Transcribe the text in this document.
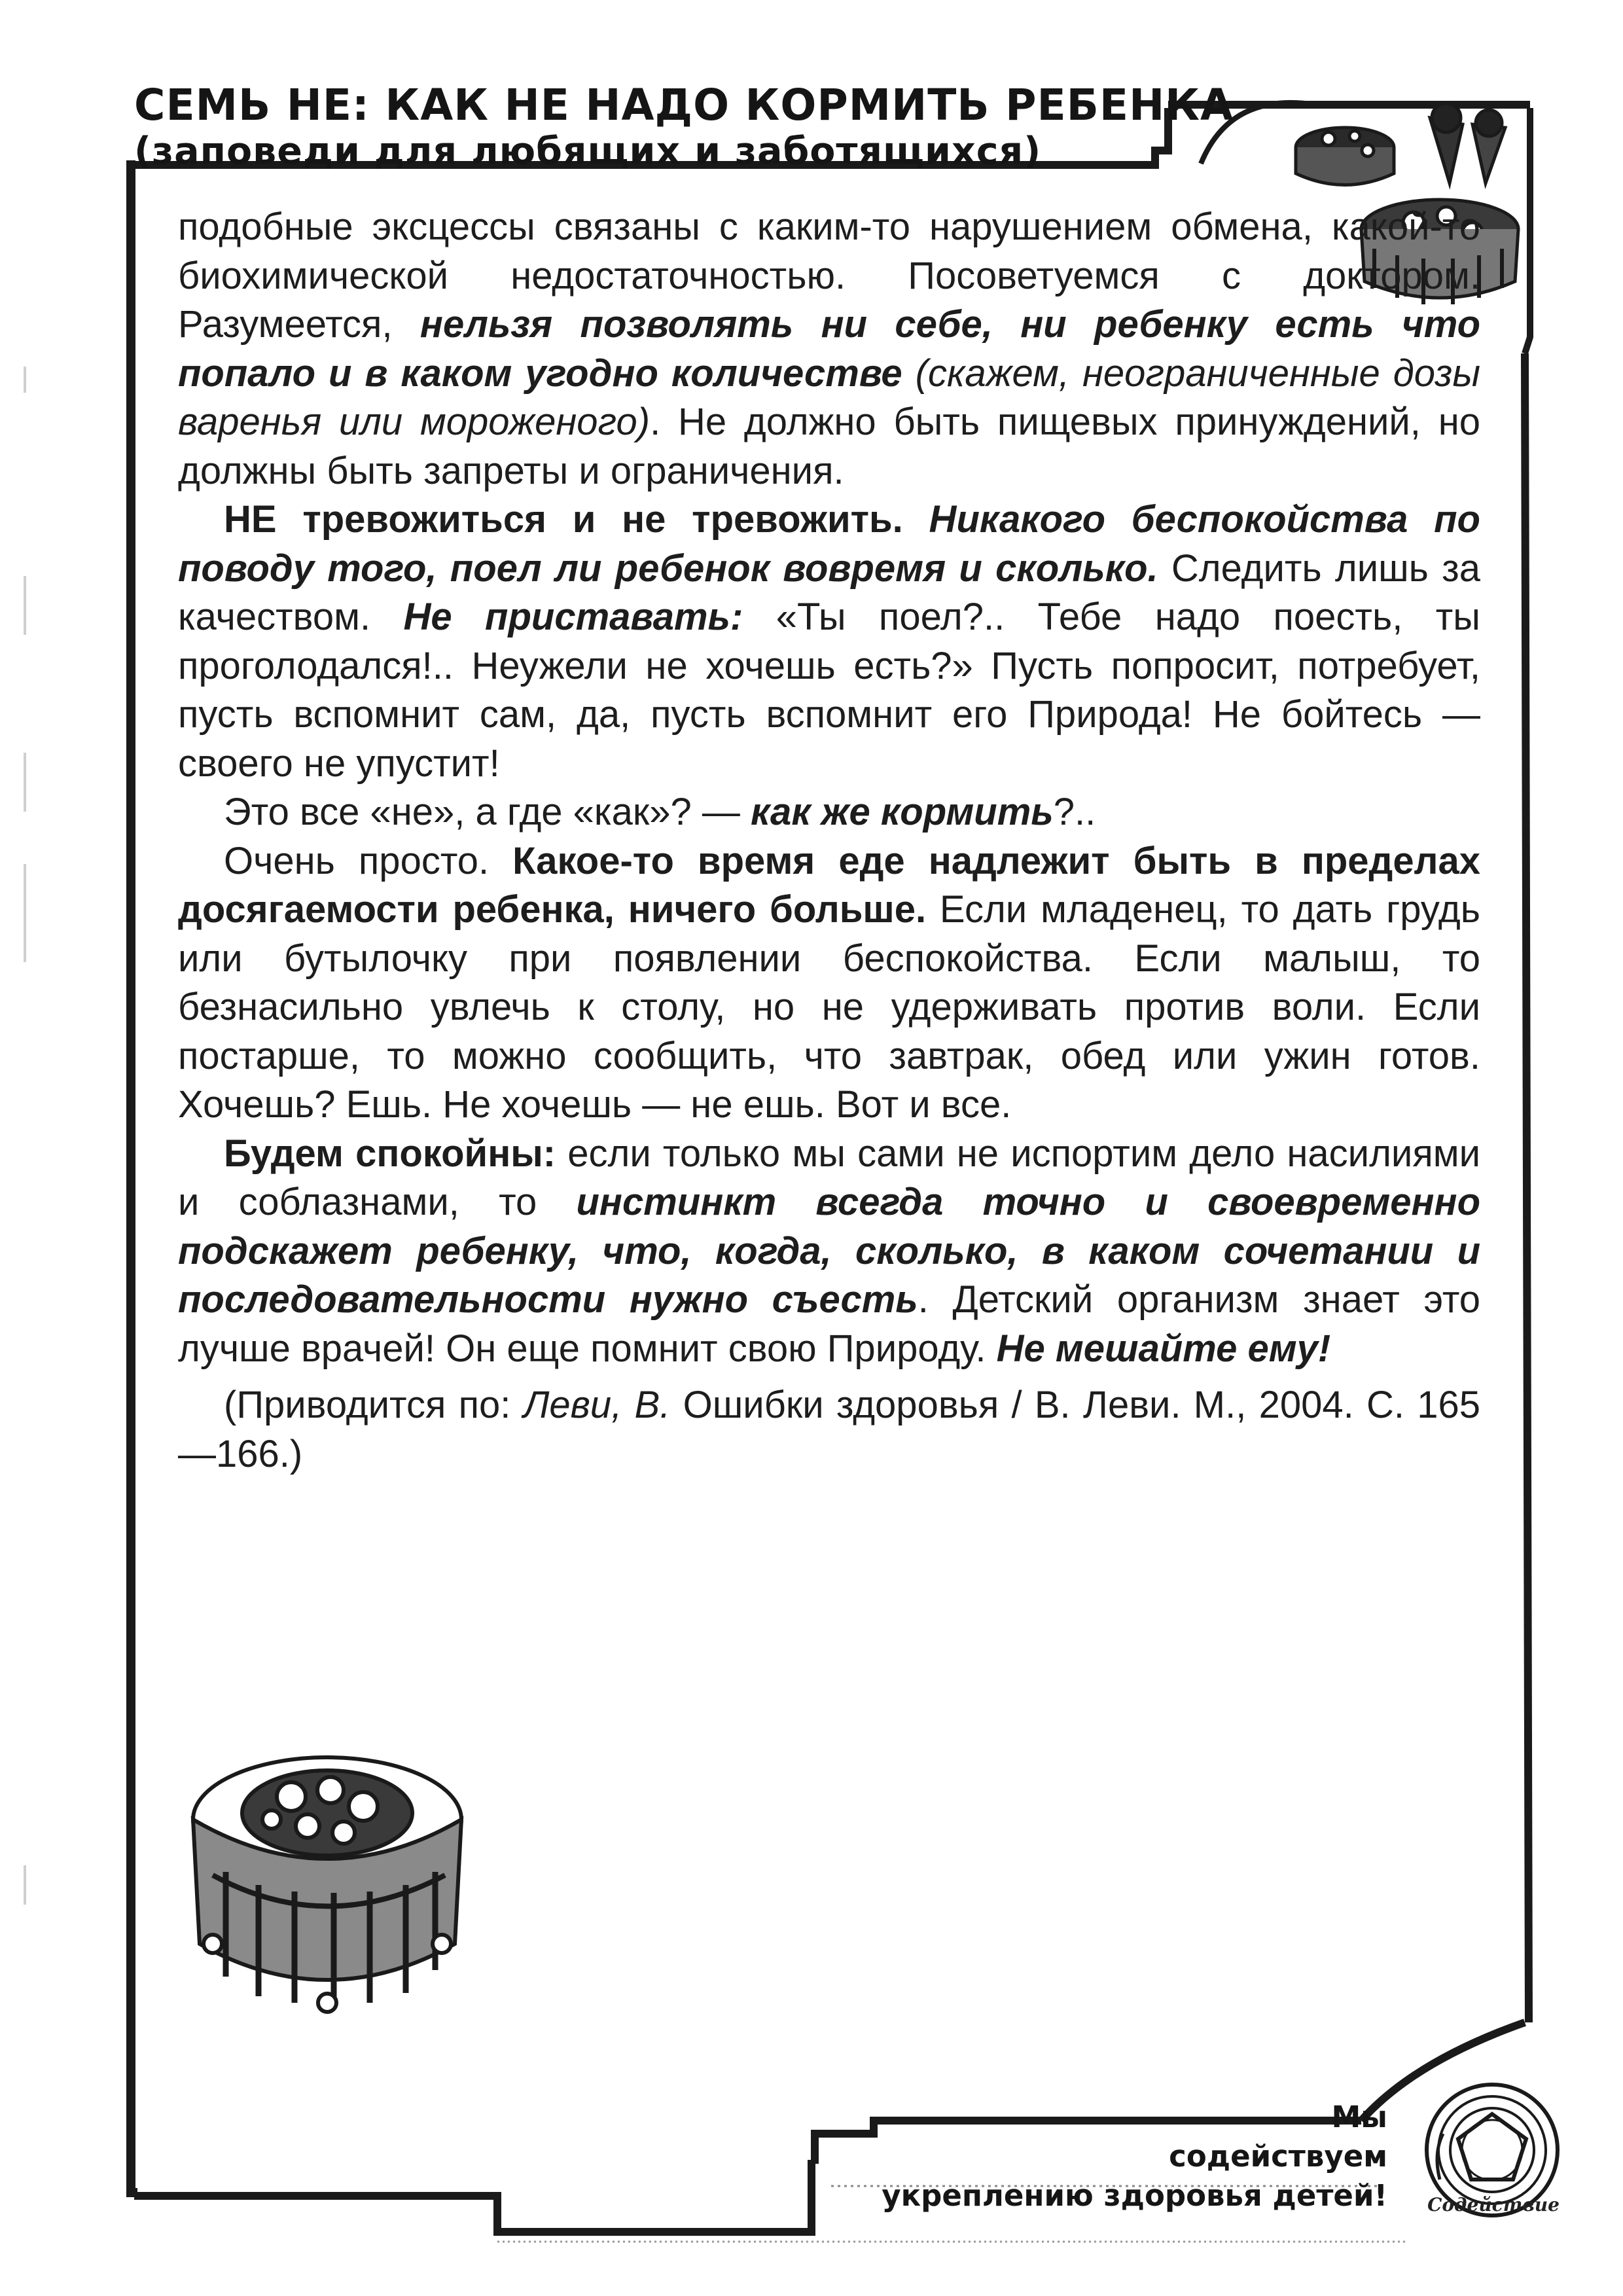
СЕМЬ НЕ: КАК НЕ НАДО КОРМИТЬ РЕБЕНКА
(заповеди для любящих и заботящихся)

подобные эксцессы связаны с каким-то нарушением обмена, какой-то биохимической недостаточностью. Посоветуемся с доктором. Разумеется, нельзя позволять ни себе, ни ребенку есть что попало и в каком угодно количестве (скажем, неограниченные дозы варенья или мороженого). Не должно быть пищевых принуждений, но должны быть запреты и ограничения.

НЕ тревожиться и не тревожить. Никакого беспокойства по поводу того, поел ли ребенок вовремя и сколько. Следить лишь за качеством. Не приставать: «Ты поел?.. Тебе надо поесть, ты проголодался!.. Неужели не хочешь есть?» Пусть попросит, потребует, пусть вспомнит сам, да, пусть вспомнит его Природа! Не бойтесь — своего не упустит!

Это все «не», а где «как»? — как же кормить?..

Очень просто. Какое-то время еде надлежит быть в пределах досягаемости ребенка, ничего больше. Если младенец, то дать грудь или бутылочку при появлении беспокойства. Если малыш, то безнасильно увлечь к столу, но не удерживать против воли. Если постарше, то можно сообщить, что завтрак, обед или ужин готов. Хочешь? Ешь. Не хочешь — не ешь. Вот и все.

Будем спокойны: если только мы сами не испортим дело насилиями и соблазнами, то инстинкт всегда точно и своевременно подскажет ребенку, что, когда, сколько, в каком сочетании и последовательности нужно съесть. Детский организм знает это лучше врачей! Он еще помнит свою Природу. Не мешайте ему!

(Приводится по: Леви, В. Ошибки здоровья / В. Леви. М., 2004. С. 165—166.)

Мы
содействуем
укреплению здоровья детей!	Содействие
